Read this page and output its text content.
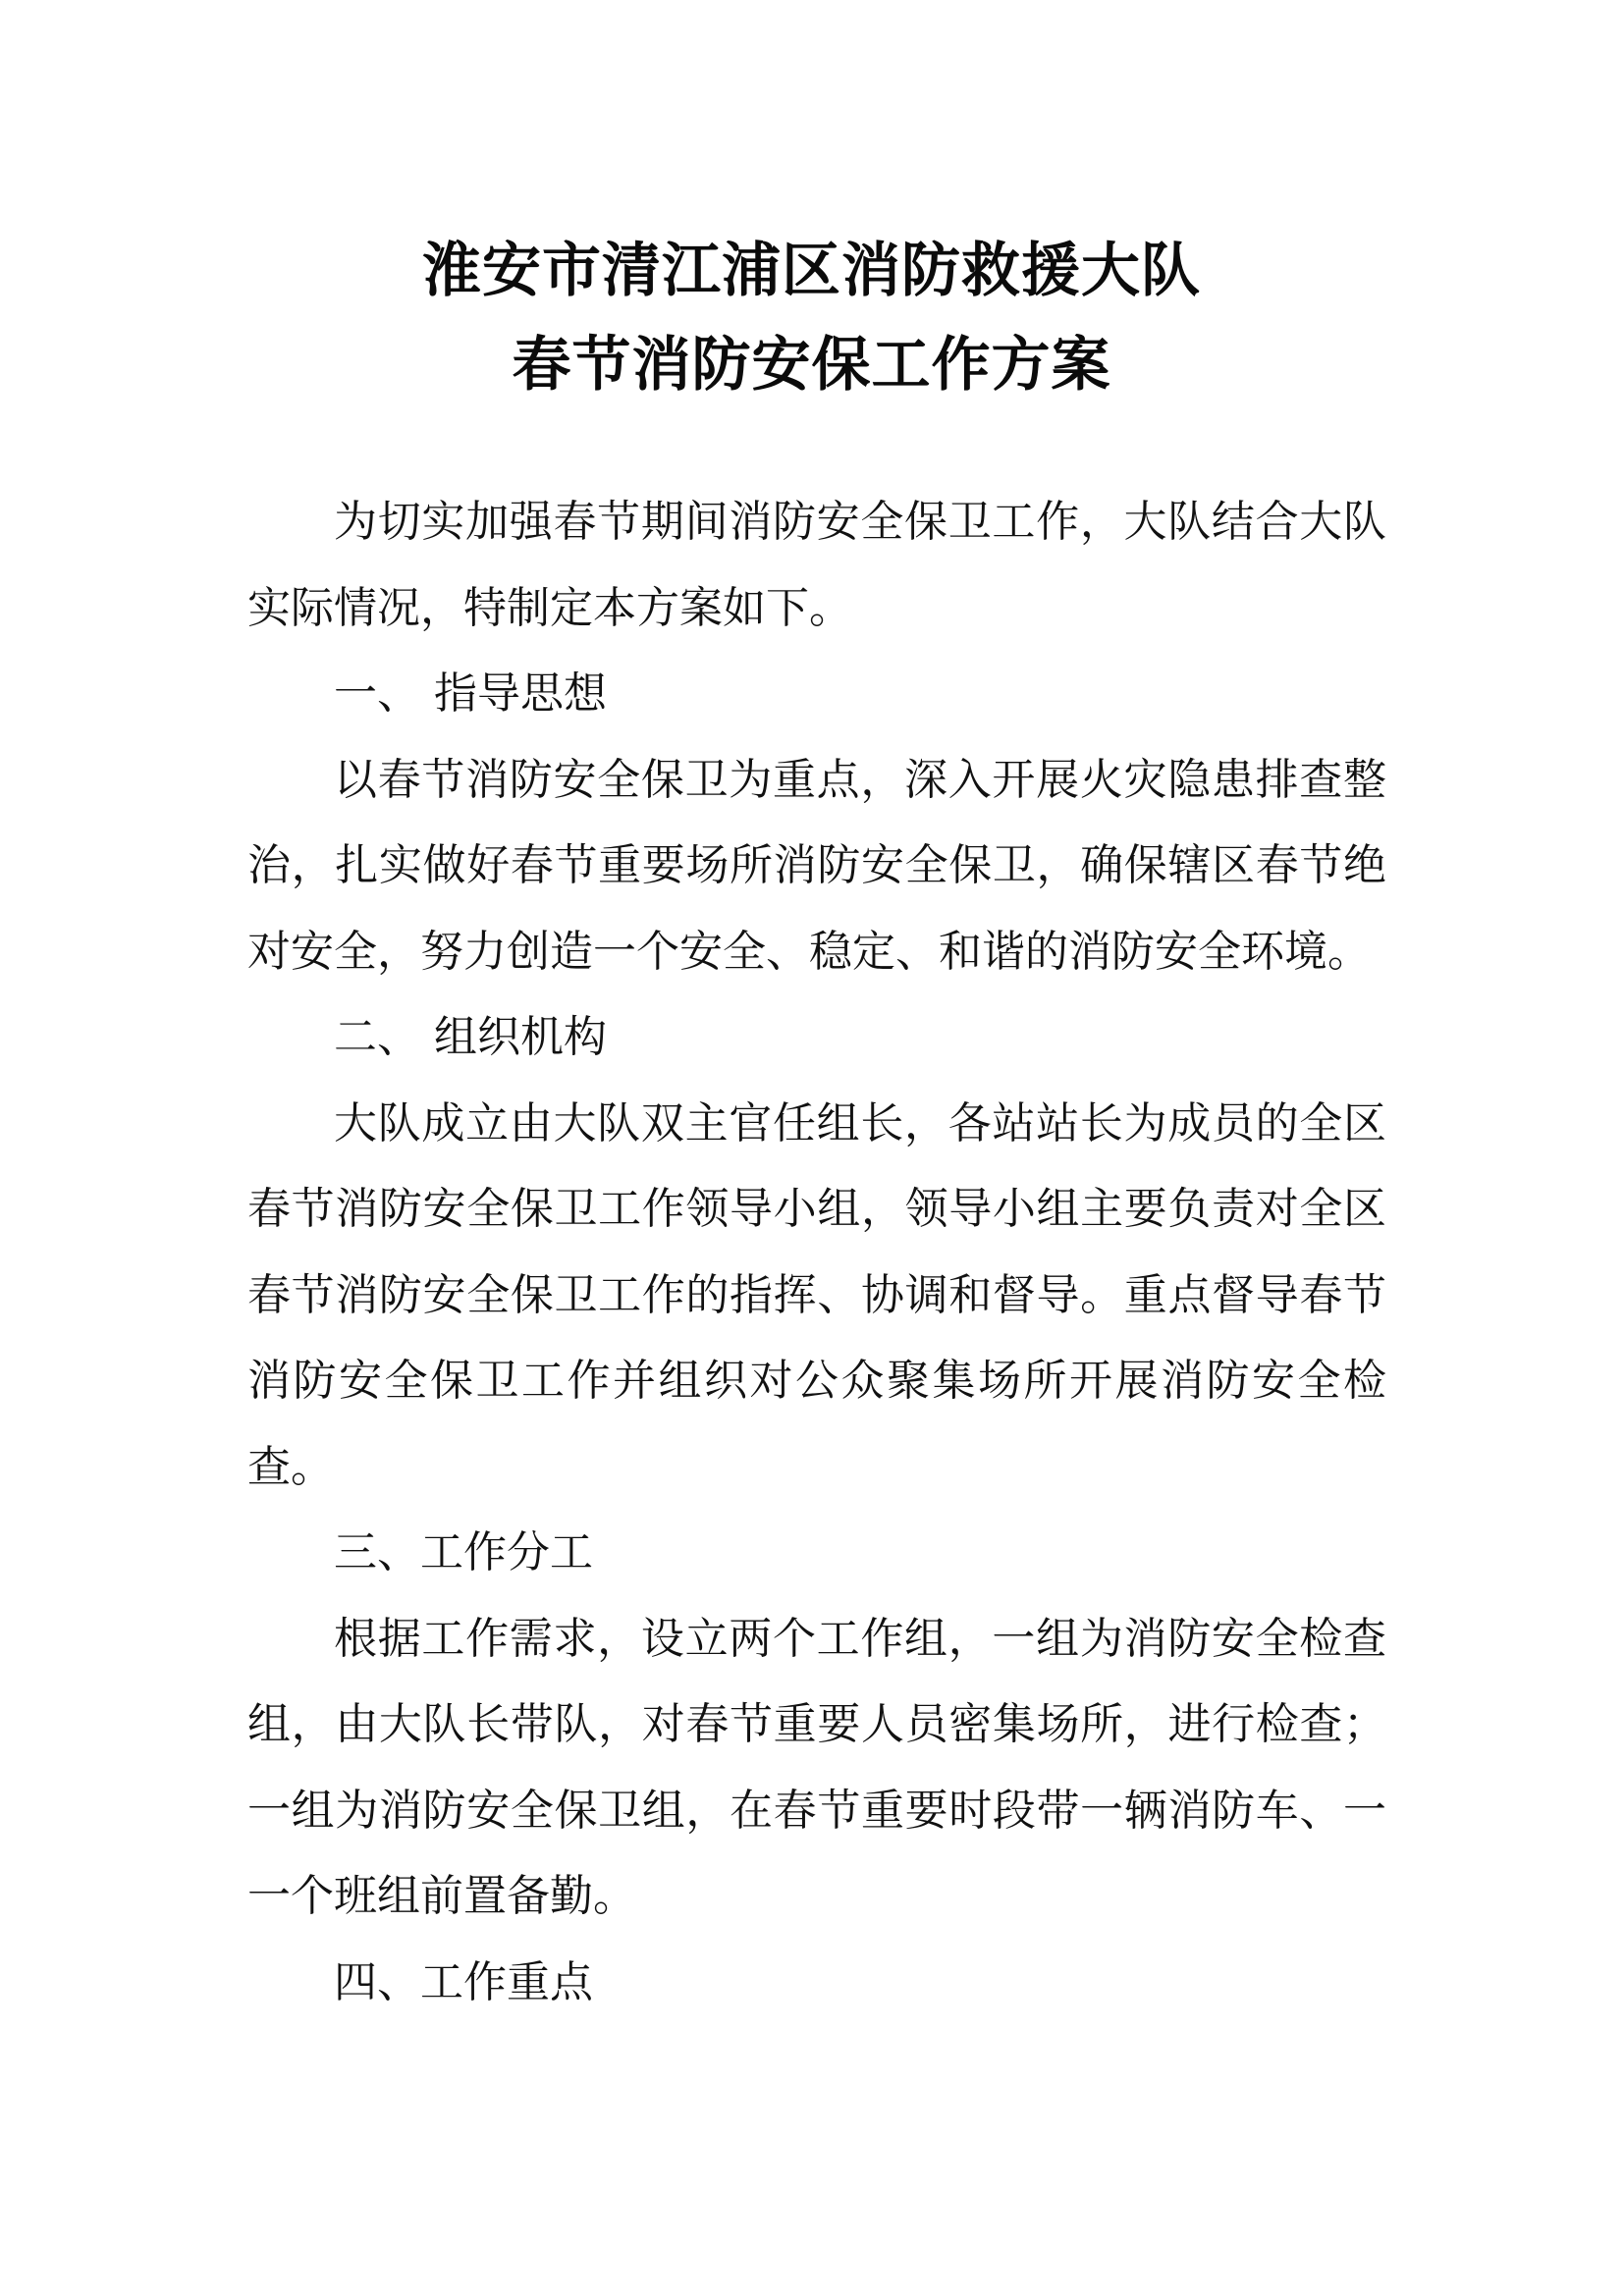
淮安市清江浦区消防救援大队
春节消防安保工作方案

为切实加强春节期间消防安全保卫工作，大队结合大队实际情况，特制定本方案如下。

一、 指导思想

以春节消防安全保卫为重点，深入开展火灾隐患排查整治，扎实做好春节重要场所消防安全保卫，确保辖区春节绝对安全，努力创造一个安全、稳定、和谐的消防安全环境。

二、 组织机构

大队成立由大队双主官任组长，各站站长为成员的全区春节消防安全保卫工作领导小组，领导小组主要负责对全区春节消防安全保卫工作的指挥、协调和督导。重点督导春节消防安全保卫工作并组织对公众聚集场所开展消防安全检查。

三、工作分工

根据工作需求，设立两个工作组，一组为消防安全检查组，由大队长带队，对春节重要人员密集场所，进行检查；一组为消防安全保卫组，在春节重要时段带一辆消防车、一一个班组前置备勤。

四、工作重点
